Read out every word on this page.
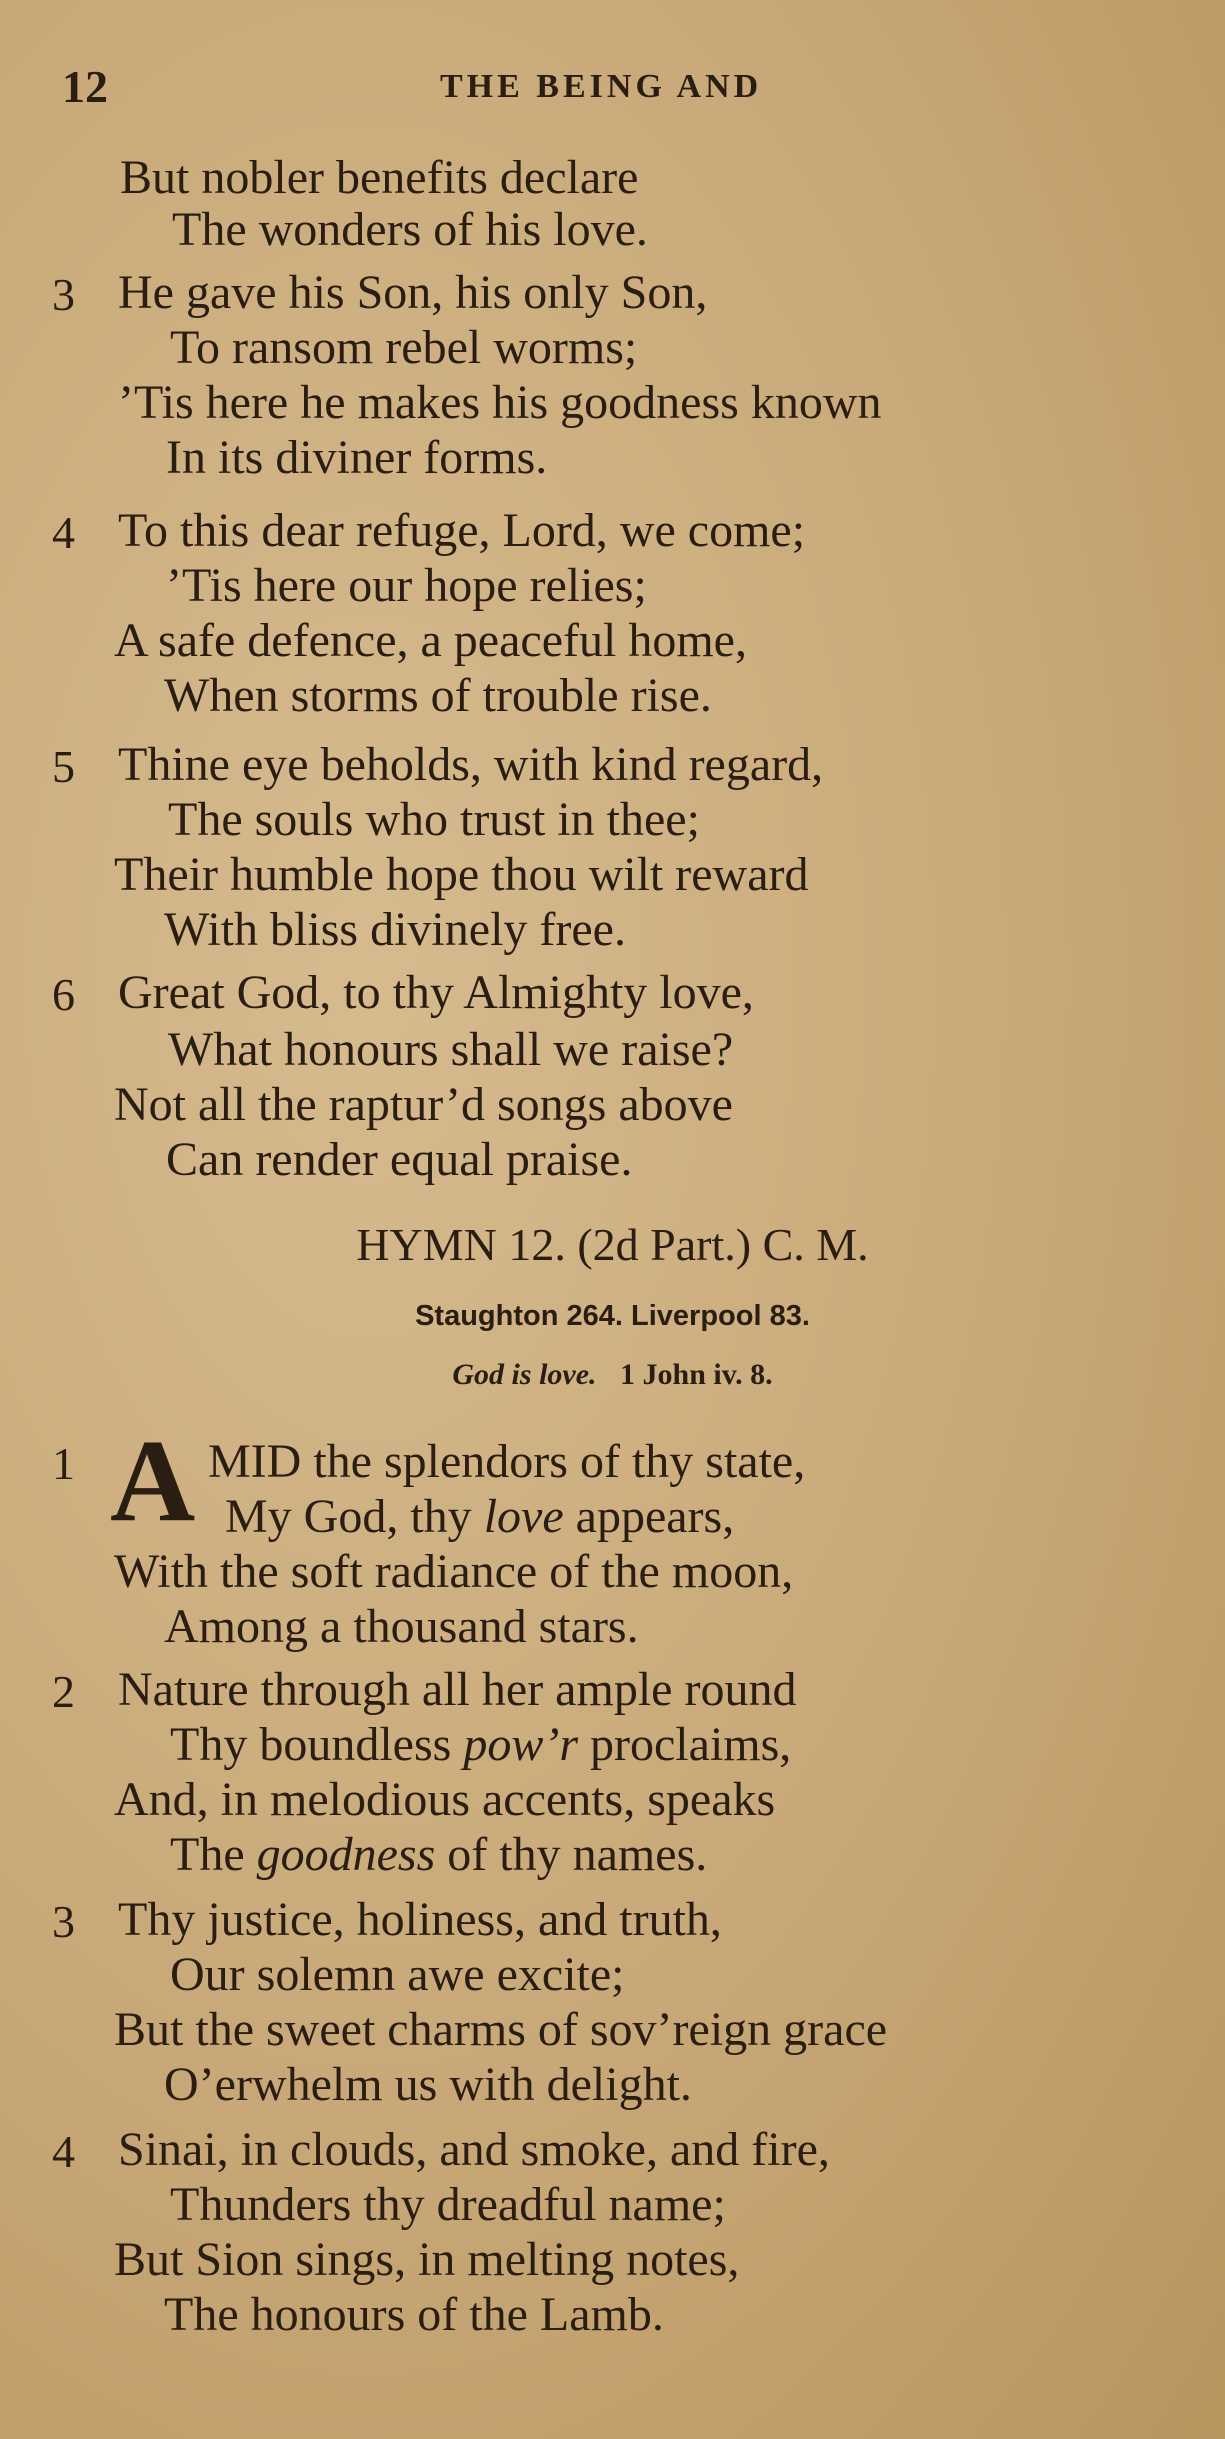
12	THE BEING AND
But nobler benefits declare
The wonders of his love.
3 He gave his Son, his only Son,
To ransom rebel worms;
’Tis here he makes his goodness known
In its diviner forms.
4 To this dear refuge, Lord, we come;
’Tis here our hope relies;
A safe defence, a peaceful home,
When storms of trouble rise.
5 Thine eye beholds, with kind regard,
The souls who trust in thee;
Their humble hope thou wilt reward
With bliss divinely free.
6 Great God, to thy Almighty love,
What honours shall we raise?
Not all the raptur’d songs above
Can render equal praise.
HYMN 12. (2d Part.) C. M.
Staughton 264. Liverpool 83.
God is love. 1 John iv. 8.
1 A MID the splendors of thy state,
My God, thy love appears,
With the soft radiance of the moon,
Among a thousand stars.
2 Nature through all her ample round
Thy boundless pow’r proclaims,
And, in melodious accents, speaks
The goodness of thy names.
3 Thy justice, holiness, and truth,
Our solemn awe excite;
But the sweet charms of sov’reign grace
O’erwhelm us with delight.
4 Sinai, in clouds, and smoke, and fire,
Thunders thy dreadful name;
But Sion sings, in melting notes,
The honours of the Lamb.
